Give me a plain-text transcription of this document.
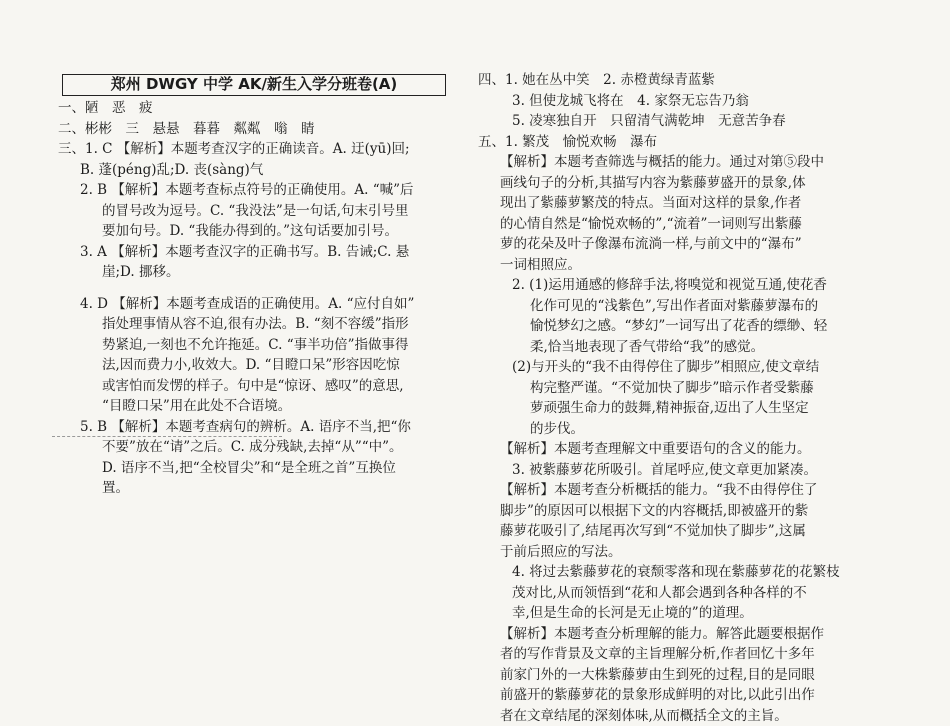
郑州 DWGY 中学 AK/新生入学分班卷(A)
一、陋　恶　疲
二、彬彬　三　悬悬　暮暮　粼粼　嗡　睛
三、1. C 【解析】本题考查汉字的正确读音。A. 迂(yū)回;
B. 蓬(péng)乱;D. 丧(sàng)气
2. B 【解析】本题考查标点符号的正确使用。A. “喊”后
的冒号改为逗号。C. “我没法”是一句话,句末引号里
要加句号。D. “我能办得到的。”这句话要加引号。
3. A 【解析】本题考查汉字的正确书写。B. 告诫;C. 悬
崖;D. 挪移。
4. D 【解析】本题考查成语的正确使用。A. “应付自如”
指处理事情从容不迫,很有办法。B. “刻不容缓”指形
势紧迫,一刻也不允许拖延。C. “事半功倍”指做事得
法,因而费力小,收效大。D. “目瞪口呆”形容因吃惊
或害怕而发愣的样子。句中是“惊讶、感叹”的意思,
“目瞪口呆”用在此处不合语境。
5. B 【解析】本题考查病句的辨析。A. 语序不当,把“你
不要”放在“请”之后。C. 成分残缺,去掉“从”“中”。
D. 语序不当,把“全校冒尖”和“是全班之首”互换位
置。
四、1. 她在丛中笑　2. 赤橙黄绿青蓝紫
3. 但使龙城飞将在　4. 家祭无忘告乃翁
5. 凌寒独自开　只留清气满乾坤　无意苦争春
五、1. 繁茂　愉悦欢畅　瀑布
【解析】本题考查筛选与概括的能力。通过对第⑤段中
画线句子的分析,其描写内容为紫藤萝盛开的景象,体
现出了紫藤萝繁茂的特点。当面对这样的景象,作者
的心情自然是“愉悦欢畅的”,“流着”一词则写出紫藤
萝的花朵及叶子像瀑布流淌一样,与前文中的“瀑布”
一词相照应。
2. (1)运用通感的修辞手法,将嗅觉和视觉互通,使花香
化作可见的“浅紫色”,写出作者面对紫藤萝瀑布的
愉悦梦幻之感。“梦幻”一词写出了花香的缥缈、轻
柔,恰当地表现了香气带给“我”的感觉。
(2)与开头的“我不由得停住了脚步”相照应,使文章结
构完整严谨。“不觉加快了脚步”暗示作者受紫藤
萝顽强生命力的鼓舞,精神振奋,迈出了人生坚定
的步伐。
【解析】本题考查理解文中重要语句的含义的能力。
3. 被紫藤萝花所吸引。首尾呼应,使文章更加紧凑。
【解析】本题考查分析概括的能力。“我不由得停住了
脚步”的原因可以根据下文的内容概括,即被盛开的紫
藤萝花吸引了,结尾再次写到“不觉加快了脚步”,这属
于前后照应的写法。
4. 将过去紫藤萝花的衰颓零落和现在紫藤萝花的花繁枝
茂对比,从而领悟到“花和人都会遇到各种各样的不
幸,但是生命的长河是无止境的”的道理。
【解析】本题考查分析理解的能力。解答此题要根据作
者的写作背景及文章的主旨理解分析,作者回忆十多年
前家门外的一大株紫藤萝由生到死的过程,目的是同眼
前盛开的紫藤萝花的景象形成鲜明的对比,以此引出作
者在文章结尾的深刻体味,从而概括全文的主旨。
